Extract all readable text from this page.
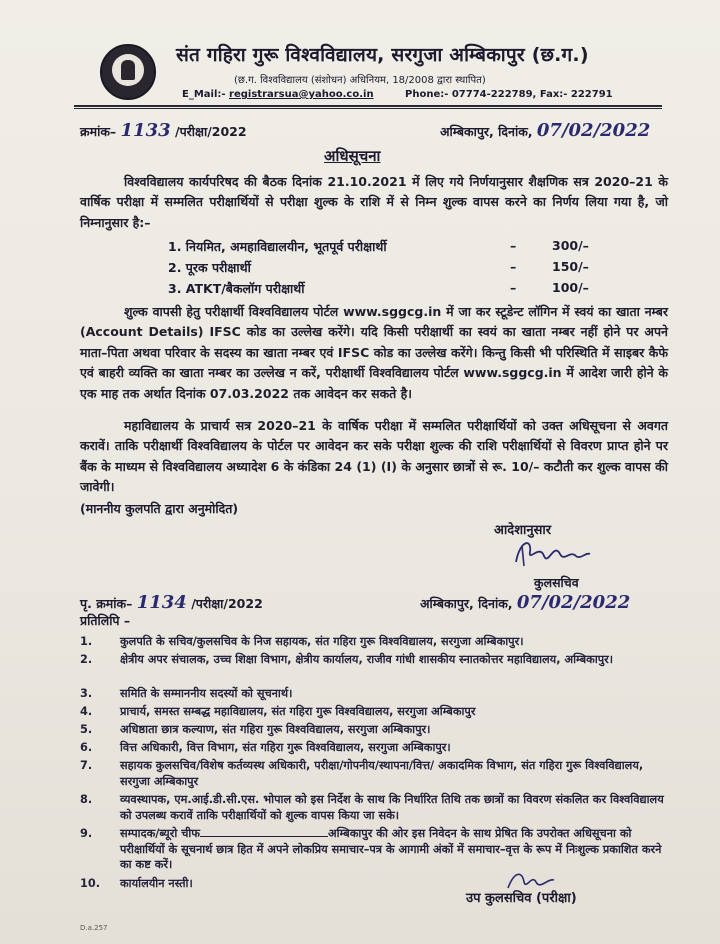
संत गहिरा गुरू विश्वविद्यालय, सरगुजा अम्बिकापुर (छ.ग.)
(छ.ग. विश्वविद्यालय (संशोधन) अधिनियम, 18/2008 द्वारा स्थापित)
E_Mail:- registrarsua@yahoo.co.in	Phone:- 07774-222789, Fax:- 222791
क्रमांक– 1133 /परीक्षा/2022	अम्बिकापुर, दिनांक, 07/02/2022
अधिसूचना

विश्वविद्यालय कार्यपरिषद की बैठक दिनांक 21.10.2021 में लिए गये निर्णयानुसार शैक्षणिक सत्र 2020–21 के वार्षिक परीक्षा में सम्मलित परीक्षार्थियों से परीक्षा शुल्क के राशि में से निम्न शुल्क वापस करने का निर्णय लिया गया है, जो निम्नानुसार है:–

1. नियमित, अमहाविद्यालयीन, भूतपूर्व परीक्षार्थी	–	300/–
2. पूरक परीक्षार्थी	–	150/–
3. ATKT/बैकलॉग परीक्षार्थी	–	100/–

शुल्क वापसी हेतु परीक्षार्थी विश्वविद्यालय पोर्टल www.sggcg.in में जा कर स्टूडेन्ट लॉगिन में स्वयं का खाता नम्बर (Account Details) IFSC कोड का उल्लेख करेंगे। यदि किसी परीक्षार्थी का स्वयं का खाता नम्बर नहीं होने पर अपने माता–पिता अथवा परिवार के सदस्य का खाता नम्बर एवं IFSC कोड का उल्लेख करेंगे। किन्तु किसी भी परिस्थिति में साइबर कैफे एवं बाहरी व्यक्ति का खाता नम्बर का उल्लेख न करें, परीक्षार्थी विश्वविद्यालय पोर्टल www.sggcg.in में आदेश जारी होने के एक माह तक अर्थात दिनांक 07.03.2022 तक आवेदन कर सकते है।

महाविद्यालय के प्राचार्य सत्र 2020–21 के वार्षिक परीक्षा में सम्मलित परीक्षार्थियों को उक्त अधिसूचना से अवगत करावें। ताकि परीक्षार्थी विश्वविद्यालय के पोर्टल पर आवेदन कर सके परीक्षा शुल्क की राशि परीक्षार्थियों से विवरण प्राप्त होने पर बैंक के माध्यम से विश्वविद्यालय अध्यादेश 6 के कंडिका 24 (1) (I) के अनुसार छात्रों से रू. 10/– कटौती कर शुल्क वापस की जावेगी।

(माननीय कुलपति द्वारा अनुमोदित)
आदेशानुसार
कुलसचिव
पृ. क्रमांक– 1134 /परीक्षा/2022	अम्बिकापुर, दिनांक, 07/02/2022
प्रतिलिपि –
1.	कुलपति के सचिव/कुलसचिव के निज सहायक, संत गहिरा गुरू विश्वविद्यालय, सरगुजा अम्बिकापुर।
2.	क्षेत्रीय अपर संचालक, उच्च शिक्षा विभाग, क्षेत्रीय कार्यालय, राजीव गांधी शासकीय स्नातकोत्तर महाविद्यालय, अम्बिकापुर।
3.	समिति के सम्माननीय सदस्यों को सूचनार्थ।
4.	प्राचार्य, समस्त सम्बद्ध महाविद्यालय, संत गहिरा गुरू विश्वविद्यालय, सरगुजा अम्बिकापुर
5.	अधिष्ठाता छात्र कल्याण, संत गहिरा गुरू विश्वविद्यालय, सरगुजा अम्बिकापुर।
6.	वित्त अधिकारी, वित्त विभाग, संत गहिरा गुरू विश्वविद्यालय, सरगुजा अम्बिकापुर।
7.	सहायक कुलसचिव/विशेष कर्तव्यस्थ अधिकारी, परीक्षा/गोपनीय/स्थापना/वित्त/ अकादमिक विभाग, संत गहिरा गुरू विश्वविद्यालय, सरगुजा अम्बिकापुर
8.	व्यवस्थापक, एम.आई.डी.सी.एस. भोपाल को इस निर्देश के साथ कि निर्धारित तिथि तक छात्रों का विवरण संकलित कर विश्वविद्यालय को उपलब्ध करावें ताकि परीक्षार्थियों को शुल्क वापस किया जा सके।
9.	सम्पादक/ब्यूरो चीफ	अम्बिकापुर की ओर इस निवेदन के साथ प्रेषित कि उपरोक्त अधिसूचना को परीक्षार्थियों के सूचनार्थ छात्र हित में अपने लोकप्रिय समाचार–पत्र के आगामी अंकों में समाचार–वृत्त के रूप में निःशुल्क प्रकाशित करने का कष्ट करें।
10.	कार्यालयीन नस्ती।
उप कुलसचिव (परीक्षा)
D.a.257
